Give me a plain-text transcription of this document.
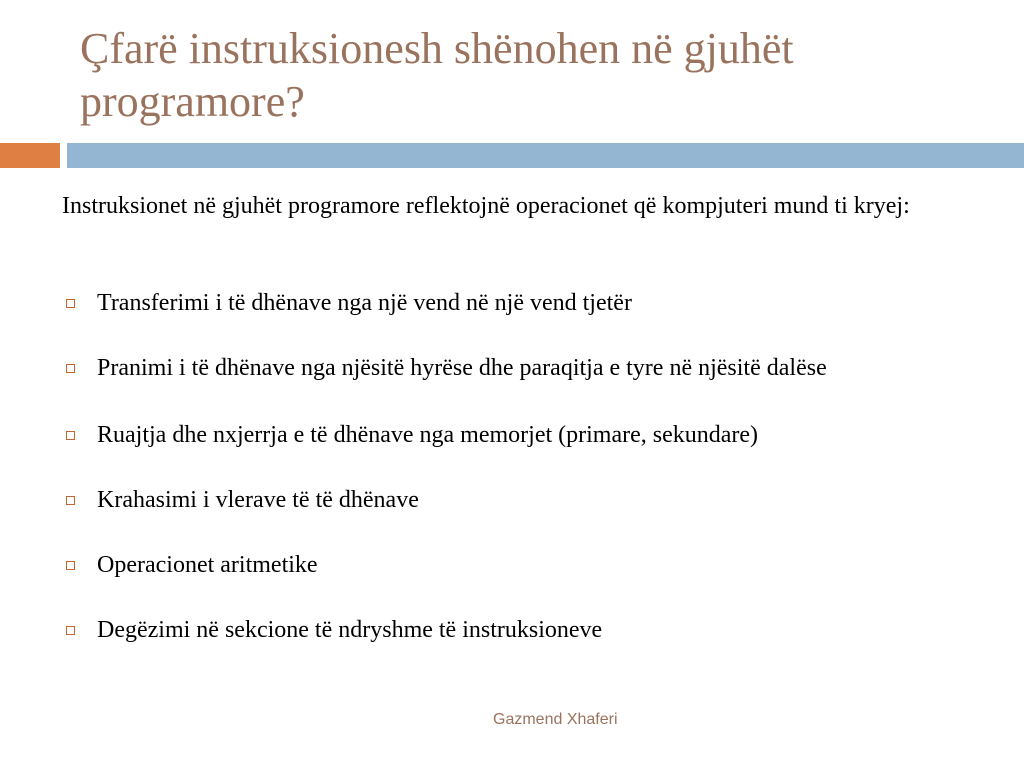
Çfarë instruksionesh shënohen në gjuhët programore?

Instruksionet në gjuhët programore reflektojnë operacionet që kompjuteri mund ti kryej:

Transferimi i të dhënave nga një vend në një vend tjetër
Pranimi i të dhënave nga njësitë hyrëse dhe paraqitja e tyre në njësitë dalëse
Ruajtja dhe nxjerrja e të dhënave nga memorjet (primare, sekundare)
Krahasimi i vlerave të të dhënave
Operacionet aritmetike
Degëzimi në sekcione të ndryshme të instruksioneve
Gazmend Xhaferi
